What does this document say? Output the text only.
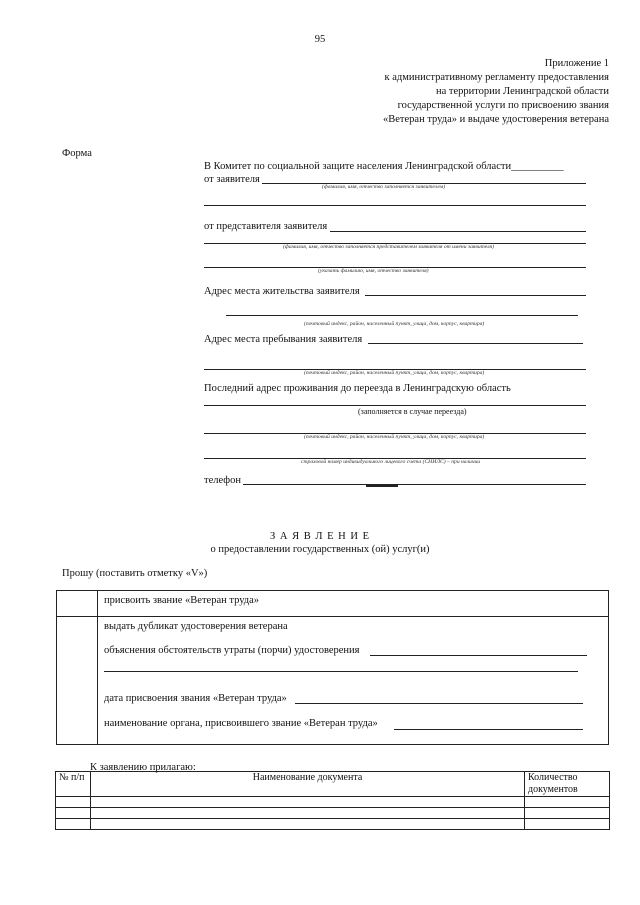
95
Приложение 1
к административному регламенту предоставления
на территории Ленинградской области
государственной услуги по присвоению звания
«Ветеран труда» и выдаче удостоверения ветерана
Форма
В Комитет по социальной защите населения Ленинградской области__________
от заявителя
(фамилия, имя, отчество заполняется заявителем)
от представителя заявителя
(фамилия, имя, отчество заполняется представителем заявителя от имени заявителя)
(указать фамилию, имя, отчество заявителя)
Адрес места жительства заявителя
(почтовый индекс, район, населенный пункт, улица, дом, корпус, квартира)
Адрес места пребывания заявителя
(почтовый индекс, район, населенный пункт, улица, дом, корпус, квартира)
Последний адрес проживания до переезда в Ленинградскую область
(заполняется в случае переезда)
(почтовый индекс, район, населенный пункт, улица, дом, корпус, квартира)
страховой номер индивидуального лицевого счета (СНИЛС) – при наличии
телефон
З А Я В Л Е Н И Е
о предоставлении государственных (ой) услуг(и)
Прошу (поставить отметку «V»)

	присвоить звание «Ветеран труда»

	выдать дубликат удостоверения ветерана
объяснения обстоятельств утраты (порчи) удостоверения
дата присвоения звания «Ветеран труда»
наименование органа, присвоившего звание «Ветеран труда»
К заявлению прилагаю:
№ п/п	Наименование документа	Количество документов
